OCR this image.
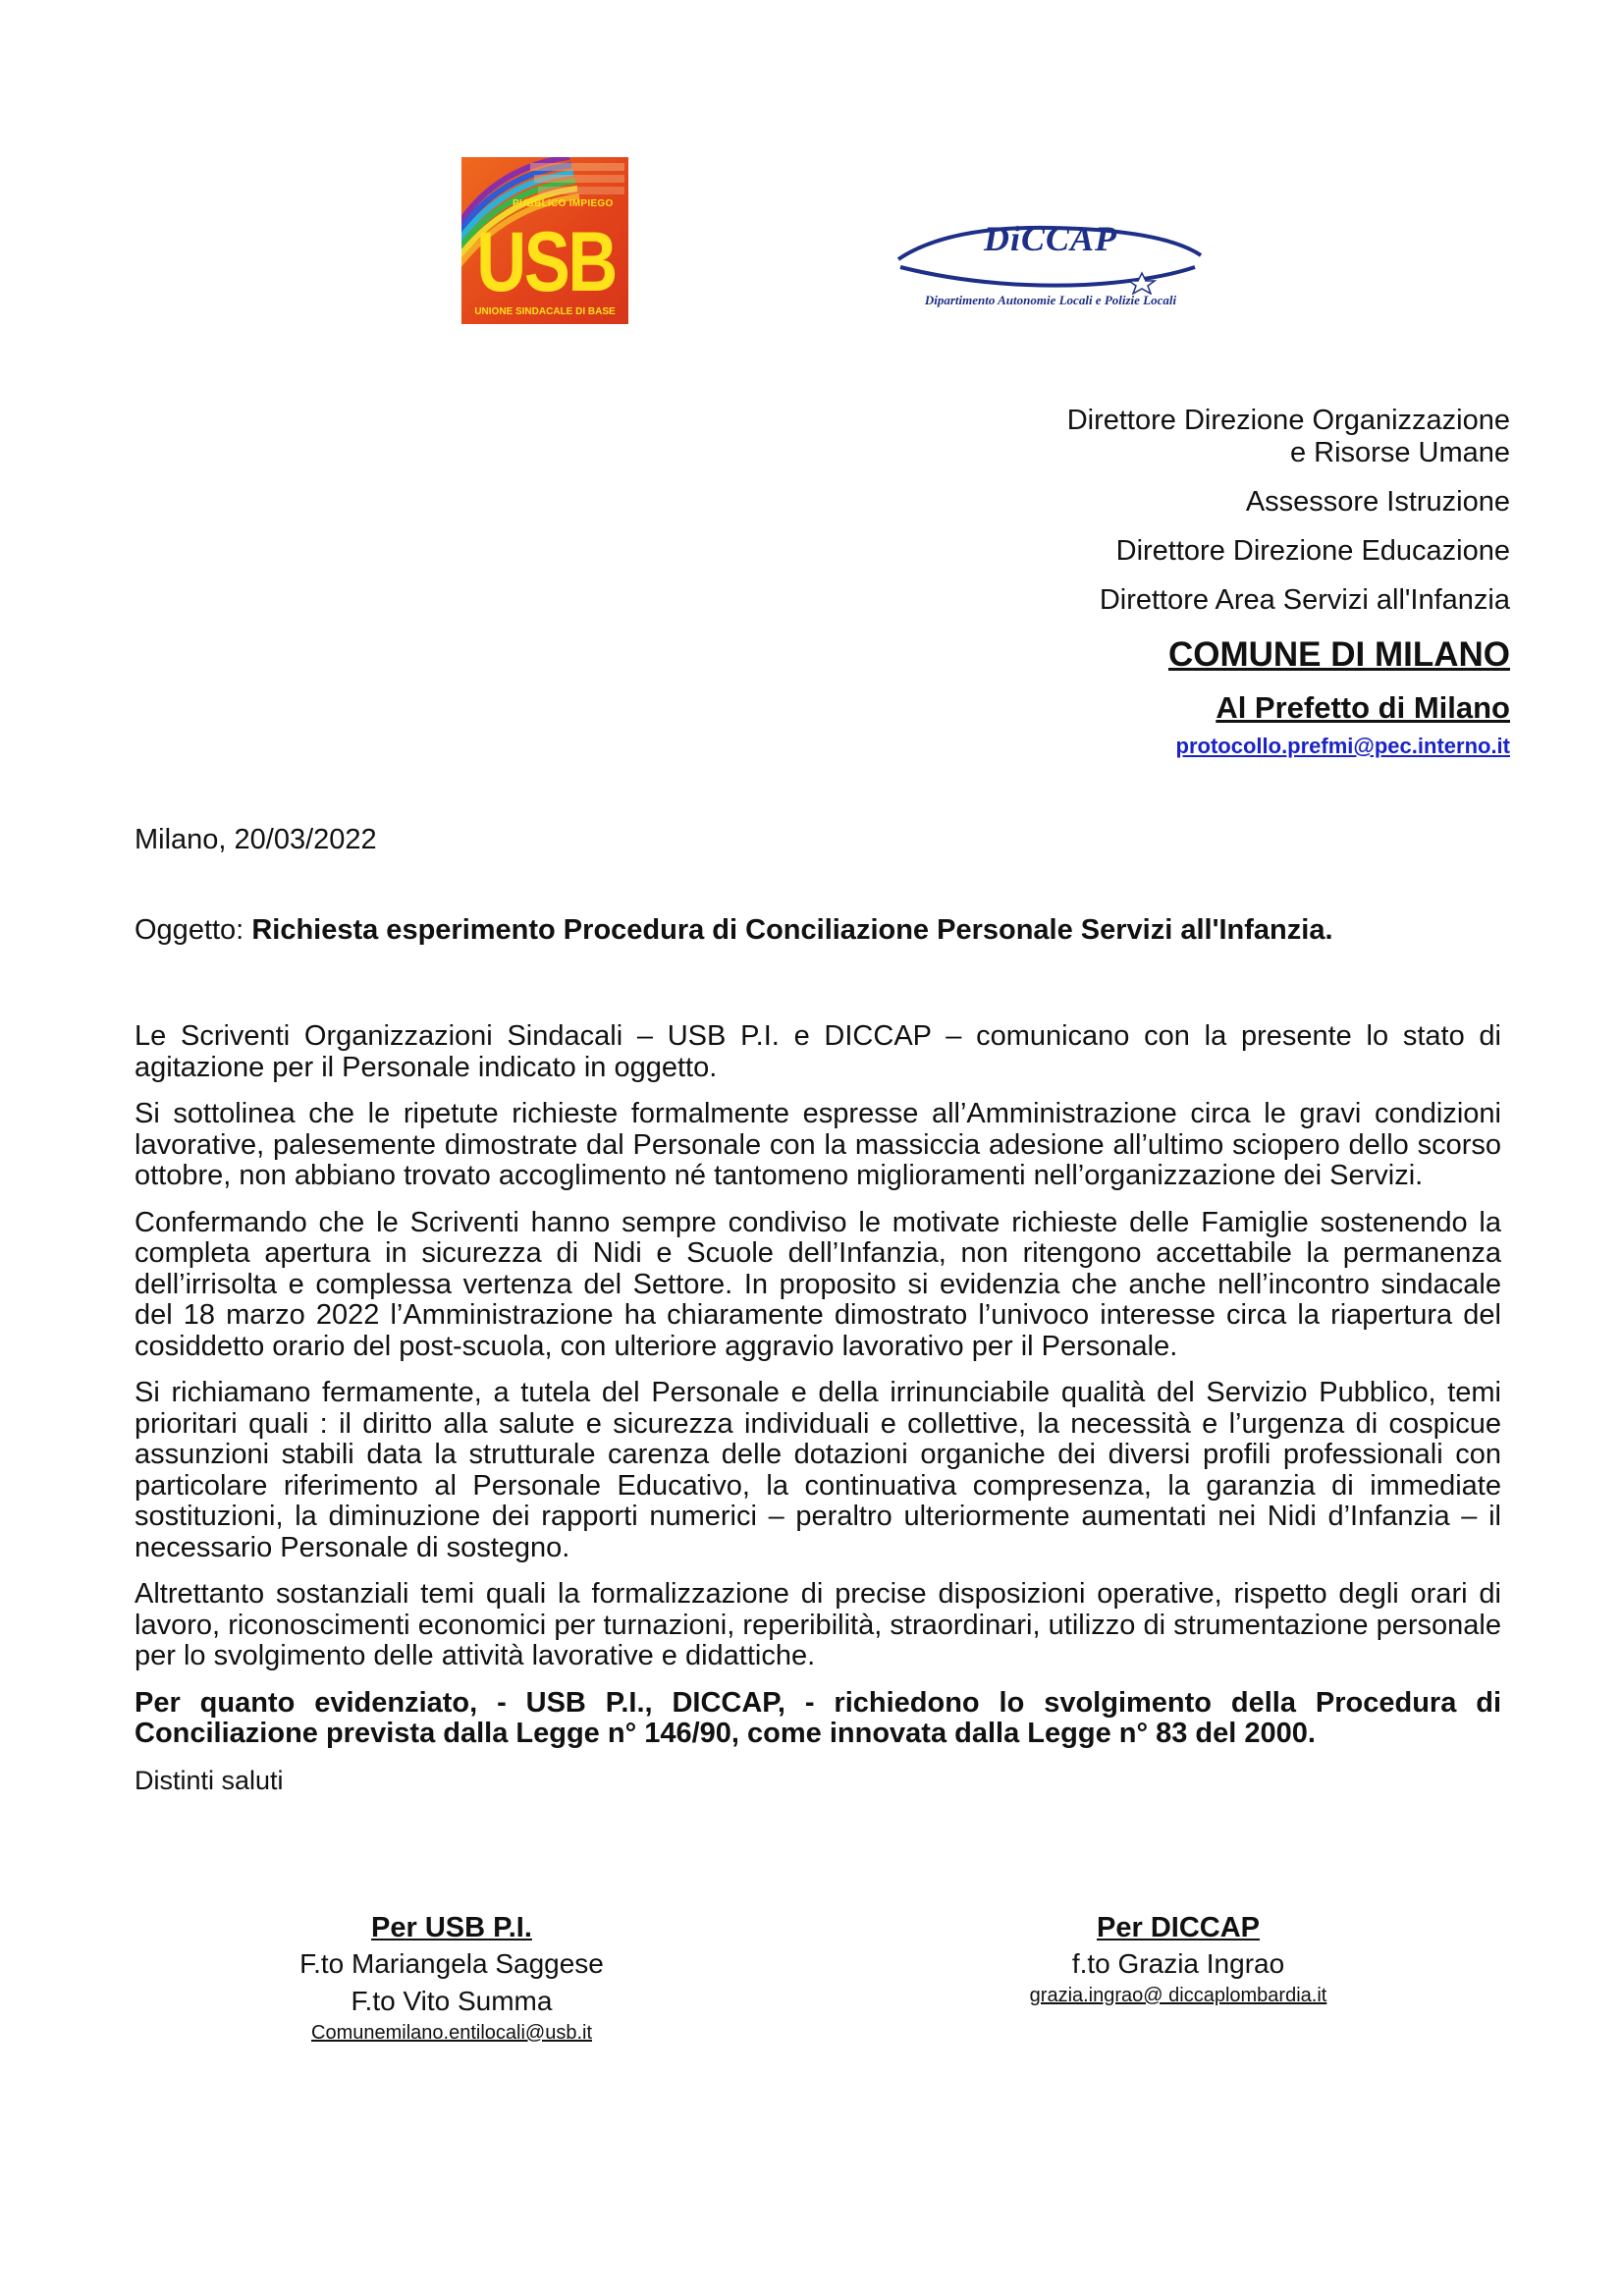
PUBBLICO IMPIEGO
USB
UNIONE SINDACALE DI BASE
DiCCAP
Dipartimento Autonomie Locali e Polizie Locali
Direttore Direzione Organizzazione
e Risorse Umane
Assessore Istruzione
Direttore Direzione Educazione
Direttore Area Servizi all'Infanzia
COMUNE DI MILANO
Al Prefetto di Milano
protocollo.prefmi@pec.interno.it
Milano, 20/03/2022
Oggetto: Richiesta esperimento Procedura di Conciliazione Personale Servizi all'Infanzia.

Le Scriventi Organizzazioni Sindacali – USB P.I. e DICCAP – comunicano con la presente lo stato di agitazione per il Personale indicato in oggetto.

Si sottolinea che le ripetute richieste formalmente espresse all’Amministrazione circa le gravi condizioni lavorative, palesemente dimostrate dal Personale con la massiccia adesione all’ultimo sciopero dello scorso ottobre, non abbiano trovato accoglimento né tantomeno miglioramenti nell’organizzazione dei Servizi.

Confermando che le Scriventi hanno sempre condiviso le motivate richieste delle Famiglie sostenendo la completa apertura in sicurezza di Nidi e Scuole dell’Infanzia, non ritengono accettabile la permanenza dell’irrisolta e complessa vertenza del Settore. In proposito si evidenzia che anche nell’incontro sindacale del 18 marzo 2022 l’Amministrazione ha chiaramente dimostrato l’univoco interesse circa la riapertura del cosiddetto orario del post-scuola, con ulteriore aggravio lavorativo per il Personale.

Si richiamano fermamente, a tutela del Personale e della irrinunciabile qualità del Servizio Pubblico, temi prioritari quali : il diritto alla salute e sicurezza individuali e collettive, la necessità e l’urgenza di cospicue assunzioni stabili data la strutturale carenza delle dotazioni organiche dei diversi profili professionali con particolare riferimento al Personale Educativo, la continuativa compresenza, la garanzia di immediate sostituzioni, la diminuzione dei rapporti numerici – peraltro ulteriormente aumentati nei Nidi d’Infanzia – il necessario Personale di sostegno.

Altrettanto sostanziali temi quali la formalizzazione di precise disposizioni operative, rispetto degli orari di lavoro, riconoscimenti economici per turnazioni, reperibilità, straordinari, utilizzo di strumentazione personale per lo svolgimento delle attività lavorative e didattiche.

Per quanto evidenziato, - USB P.I., DICCAP, - richiedono lo svolgimento della Procedura di Conciliazione prevista dalla Legge n° 146/90, come innovata dalla Legge n° 83 del 2000.

Distinti saluti

Per USB P.I.
F.to Mariangela Saggese
F.to Vito Summa
Comunemilano.entilocali@usb.it
Per DICCAP
f.to Grazia Ingrao
grazia.ingrao@ diccaplombardia.it
